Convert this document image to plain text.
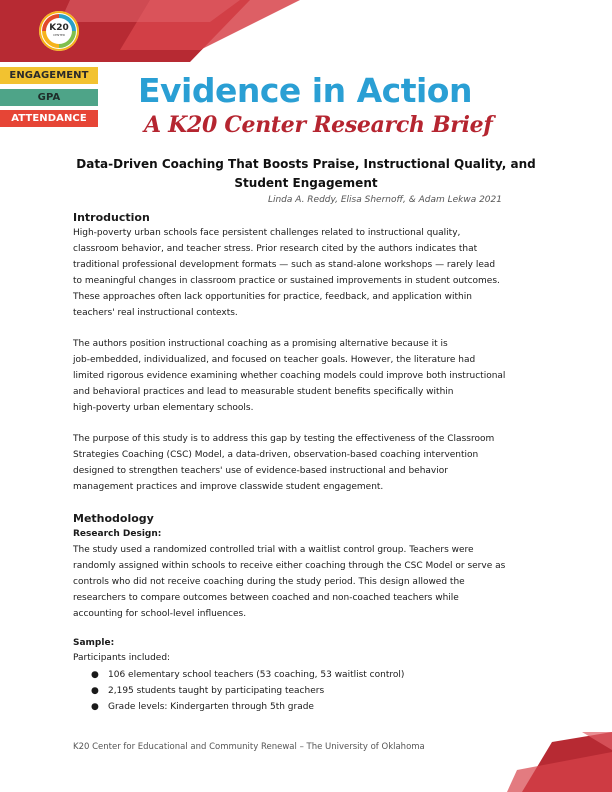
K20
CENTER
ENGAGEMENT
GPA
ATTENDANCE
Evidence in Action
A K20 Center Research Brief
Data-Driven Coaching That Boosts Praise, Instructional Quality, and
Student Engagement
Linda A. Reddy, Elisa Shernoff, & Adam Lekwa 2021
Introduction
High-poverty urban schools face persistent challenges related to instructional quality,
classroom behavior, and teacher stress. Prior research cited by the authors indicates that
traditional professional development formats — such as stand-alone workshops — rarely lead
to meaningful changes in classroom practice or sustained improvements in student outcomes.
These approaches often lack opportunities for practice, feedback, and application within
teachers' real instructional contexts.
The authors position instructional coaching as a promising alternative because it is
job-embedded, individualized, and focused on teacher goals. However, the literature had
limited rigorous evidence examining whether coaching models could improve both instructional
and behavioral practices and lead to measurable student benefits specifically within
high-poverty urban elementary schools.
The purpose of this study is to address this gap by testing the effectiveness of the Classroom
Strategies Coaching (CSC) Model, a data-driven, observation-based coaching intervention
designed to strengthen teachers' use of evidence-based instructional and behavior
management practices and improve classwide student engagement.
Methodology
Research Design:
The study used a randomized controlled trial with a waitlist control group. Teachers were
randomly assigned within schools to receive either coaching through the CSC Model or serve as
controls who did not receive coaching during the study period. This design allowed the
researchers to compare outcomes between coached and non-coached teachers while
accounting for school-level influences.
Sample:
Participants included:
● 106 elementary school teachers (53 coaching, 53 waitlist control)
● 2,195 students taught by participating teachers
● Grade levels: Kindergarten through 5th grade
K20 Center for Educational and Community Renewal – The University of Oklahoma
